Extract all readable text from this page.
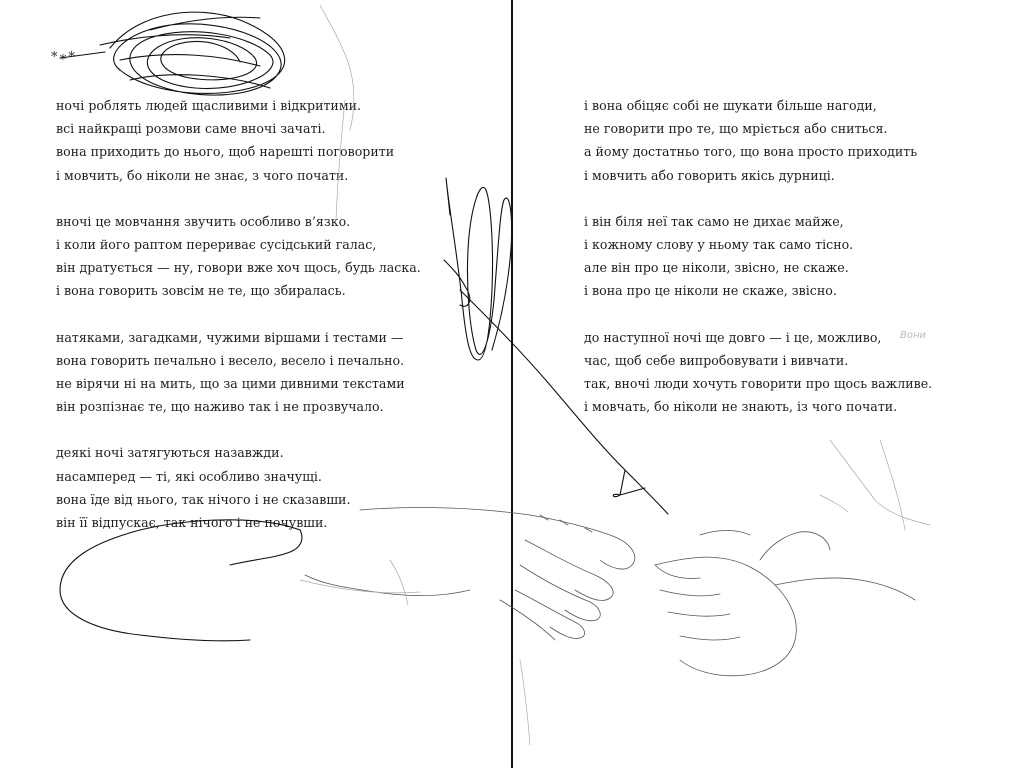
*∗*
ночі роблять людей щасливими і відкритими.
всі найкращі розмови саме вночі зачаті.
вона приходить до нього, щоб нарешті поговорити
і мовчить, бо ніколи не знає, з чого почати.
вночі це мовчання звучить особливо в’язко.
і коли його раптом перериває сусідський галас,
він дратується — ну, говори вже хоч щось, будь ласка.
і вона говорить зовсім не те, що збиралась.
натяками, загадками, чужими віршами і тестами —
вона говорить печально і весело, весело і печально.
не вірячи ні на мить, що за цими дивними текстами
він розпізнає те, що наживо так і не прозвучало.
деякі ночі затягуються назавжди.
насамперед — ті, які особливо значущі.
вона їде від нього, так нічого і не сказавши.
він її відпускає, так нічого і не почувши.
і вона обіцяє собі не шукати більше нагоди,
не говорити про те, що мріється або сниться.
а йому достатньо того, що вона просто приходить
і мовчить або говорить якісь дурниці.
і він біля неї так само не дихає майже,
і кожному слову у ньому так само тісно.
але він про це ніколи, звісно, не скаже.
і вона про це ніколи не скаже, звісно.
до наступної ночі ще довго — і це, можливо,
час, щоб себе випробовувати і вивчати.
так, вночі люди хочуть говорити про щось важливе.
і мовчать, бо ніколи не знають, із чого почати.
Вони
